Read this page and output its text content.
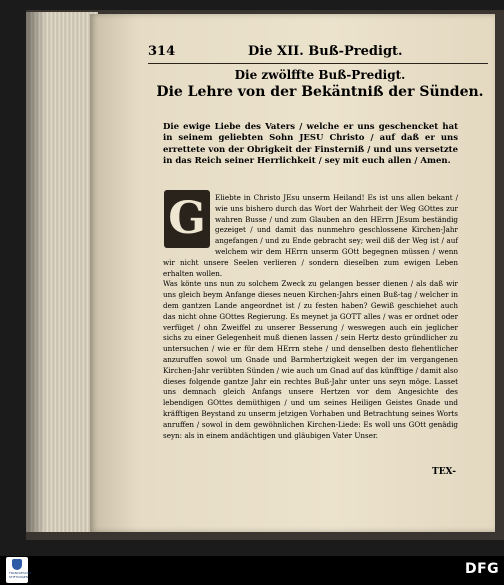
314	Die XII. Buß-Predigt.
Die zwölffte Buß-Predigt.
Die Lehre von der Bekäntniß der Sünden.
Die ewige Liebe des Vaters / welche er uns geschencket hat in seinem geliebten Sohn JESU Christo / auf daß er uns errettete von der Obrigkeit der Finsterniß / und uns versetzte in das Reich seiner Herrlichkeit / sey mit euch allen / Amen.

Eliebte in Christo JEsu unserm Heiland! Es ist uns allen bekant / wie uns bishero durch das Wort der Wahrheit der Weg GOttes zur wahren Busse / und zum Glauben an den HErrn JEsum beständig gezeiget / und damit das nunmehro geschlossene Kirchen-Jahr angefangen / und zu Ende gebracht sey; weil diß der Weg ist / auf welchem wir dem HErrn unserm GOtt begegnen müssen / wenn wir nicht unsere Seelen verlieren / sondern dieselben zum ewigen Leben erhalten wollen.

Was könte uns nun zu solchem Zweck zu gelangen besser dienen / als daß wir uns gleich beym Anfange dieses neuen Kirchen-Jahrs einen Buß-tag / welcher in dem gantzen Lande angeordnet ist / zu festen haben? Gewiß geschiehet auch das nicht ohne GOttes Regierung. Es meynet ja GOTT alles / was er ordnet oder verfüget / ohn Zweiffel zu unserer Besserung / weswegen auch ein jeglicher sichs zu einer Gelegenheit muß dienen lassen / sein Hertz desto gründlicher zu untersuchen / wie er für dem HErrn stehe / und denselben desto flehentlicher anzuruffen sowol um Gnade und Barmhertzigkeit wegen der im vergangenen Kirchen-Jahr verübten Sünden / wie auch um Gnad auf das künfftige / damit also dieses folgende gantze Jahr ein rechtes Buß-Jahr unter uns seyn möge. Lasset uns demnach gleich Anfangs unsere Hertzen vor dem Angesichte des lebendigen GOttes demüthigen / und um seines Heiligen Geistes Gnade und kräfftigen Beystand zu unserm jetzigen Vorhaben und Betrachtung seines Worts anruffen / sowol in dem gewöhnlichen Kirchen-Liede: Es woll uns GOtt genädig seyn: als in einem andächtigen und gläubigen Vater Unser.

G
TEX-
FRANCKESCHE STIFTUNGEN	DFG
